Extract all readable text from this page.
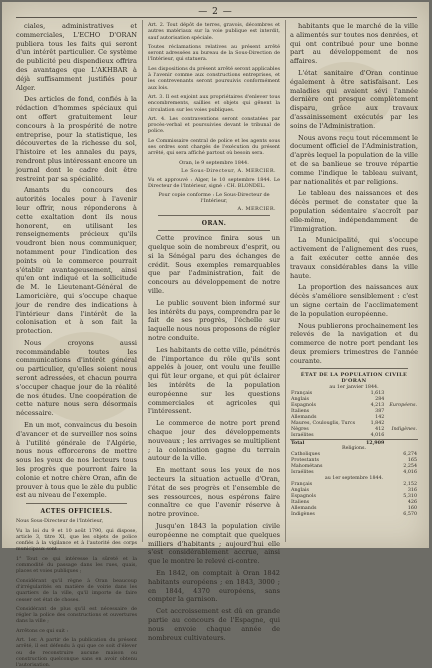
— 2 —

ciales, administratives et commerciales, L'ECHO D'ORAN publiera tous les faits qui seront d'un intérêt particulier. Ce système de publicité peu dispendieux offrira des avantages que L'AKHBAR à déjà suffisamment justifiés pour Alger.

Des articles de fond, confiés à la rédaction d'hommes spéciaux qui ont offert gratuitement leur concours à la prospérité de notre entreprise, pour la statistique, les découvertes de la richesse du sol, l'histoire et les annales du pays, rendront plus intéressant encore un journal dont le cadre doit être restreint par sa spécialité.

Amants du concours des autorités locales pour à l'avenir leur offrir, nous réponderons à cette exaltation dont ils nous honorent, en utilisant les renseignements précieux qu'ils voudront bien nous communiquer, notamment pour l'indication des points où le commerce pourrait s'établir avantageusement, ainsi qu'en ont indiqué et la sollicitude de M. le Lieutenant-Général de Lamoricière, qui s'occupe chaque jour de rendre des indications à l'intérieur dans l'intérêt de la colonisation et à son fait la protection.

Nous croyons aussi recommandable toutes les communications d'intérêt général ou particulier, qu'elles soient nous seront adressées, et chacun pourra s'occuper chaque jour de la réalité de nos études. Une coopération de cette nature nous sera désormais nécessaire.

En un mot, convaincus du besoin d'avancer et de surveiller nos soins à l'utilité générale de l'Algérie, nous nous efforcerons de mettre sous les yeux de nos lecteurs tous les progrès que pourront faire la colonie et notre chère Oran, afin de prouver à tous que le zèle du public est au niveau de l'exemple.

ACTES OFFICIELS.

Nous Sous-Directeur de l'Intérieur,

Vu la loi du 9 et 10 août 1790, qui dispose, article 3, titre XI, que les objets de police confiés à la vigilance et à l'autorité des corps municipaux sont :

1° Tout ce qui intéresse la sûreté et la commodité du passage dans les rues, quais, places et voies publiques ;

Considérant qu'il règne à Oran beaucoup d'irrégularités en matière de voirie dans les quartiers de la ville, qu'il importe de faire cesser cet état de choses.

Considérant de plus qu'il est nécessaire de régler la police des constructions et ouvertures dans la ville ;

Arrêtons ce qui suit :

Art. 1er. A partir de la publication du présent arrêté, il est défendu à qui que ce soit d'élever ou de reconstruire aucune maison ou construction quelconque sans en avoir obtenu l'autorisation.

Art. 2. Tout dépôt de terres, gravois, décombres et autres matériaux sur la voie publique est interdit, sauf autorisation spéciale.

Toutes réclamations relatives au présent arrêté seront adressées au bureau de la Sous-Direction de l'Intérieur, qui statuera.

Les dispositions du présent arrêté seront applicables à l'avenir comme aux constructions entreprises, et les contrevenants seront poursuivis conformément aux lois.

Art. 3. Il est enjoint aux propriétaires d'enlever tous encombrements, saillies et objets qui gênent la circulation sur les voies publiques.

Art. 4. Les contraventions seront constatées par procès-verbal et poursuivies devant le tribunal de police.

Le Commissaire central de police et les agents sous ses ordres sont chargés de l'exécution du présent arrêté, qui sera affiché partout où besoin sera.

Oran, le 9 septembre 1844.
Le Sous-Directeur, A. MERCIER.

Vu et approuvé : Alger, le 10 septembre 1844. Le Directeur de l'Intérieur, signé : CH. BLONDEL.

Pour copie conforme : Le Sous-Directeur de l'Intérieur,
A. MERCIER.
ORAN.

Cette province finira sous un quelque soin de nombreux d'esprit, ou si la Sénégal paru des échanges de crédit. Sous exemples remarquables que par l'administration, fait de concours au développement de notre ville.

Le public souvent bien informé sur les intérêts du pays, comprendra par le fait de ses progrès, l'échelle sur laquelle nous nous proposons de régler notre conduite.

Les habitants de cette ville, pénétrés de l'importance du rôle qu'ils sont appelés à jouer, ont voulu une feuille qui fût leur organe, et qui pût éclairer les intérêts de la population européenne sur les questions commerciales et agricoles qui l'intéressent.

Le commerce de notre port prend chaque jour des développements nouveaux ; les arrivages se multiplient ; la colonisation gagne du terrain autour de la ville.

En mettant sous les yeux de nos lecteurs la situation actuelle d'Oran, l'état de ses progrès et l'ensemble de ses ressources, nous espérons faire connaître ce que l'avenir réserve à notre province.

Jusqu'en 1843 la population civile européenne ne comptait que quelques milliers d'habitants ; aujourd'hui elle s'est considérablement accrue, ainsi que le montre le relevé ci-contre.

En 1842, on comptait à Oran 1842 habitants européens ; en 1843, 3000 ; en 1844, 4370 européens, sans compter la garnison.

Cet accroissement est dû en grande partie au concours de l'Espagne, qui nous envoie chaque année de nombreux cultivateurs.

habitants que le marché de la ville a alimentés sur toutes nos denrées, et qui ont contribué pour une bonne part au développement de nos affaires.

L'état sanitaire d'Oran continue également à être satisfaisant. Les maladies qui avaient sévi l'année dernière ont presque complètement disparu, grâce aux travaux d'assainissement exécutés par les soins de l'Administration.

Nous avons reçu tout récemment le document officiel de l'Administration, d'après lequel la population de la ville et de sa banlieue se trouve répartie comme l'indique le tableau suivant, par nationalités et par religions.

Le tableau des naissances et des décès permet de constater que la population sédentaire s'accroît par elle-même, indépendamment de l'immigration.

La Municipalité, qui s'occupe activement de l'alignement des rues, a fait exécuter cette année des travaux considérables dans la ville haute.

La proportion des naissances aux décès s'améliore sensiblement : c'est un signe certain de l'acclimatement de la population européenne.

Nous publierons prochainement les relevés de la navigation et du commerce de notre port pendant les deux premiers trimestres de l'année courante.

ÉTAT DE LA POPULATION CIVILE D'ORAN
au 1er janvier 1844.
Français	1,613	
Anglais	284	
Espagnols	4,213	Européens.
Italiens	387	
Allemands	142	
Maures, Coulouglis, Turcs	1,842	
Nègres	412	Indigènes.
Israélites	4,016	
Total	12,909	
Religions.
Catholiques	6,274
Protestants	165
Mahométans	2,254
Israélites	4,016
au 1er septembre 1844.
Français	2,152
Anglais	316
Espagnols	5,310
Italiens	426
Allemands	160
Indigènes	6,570
